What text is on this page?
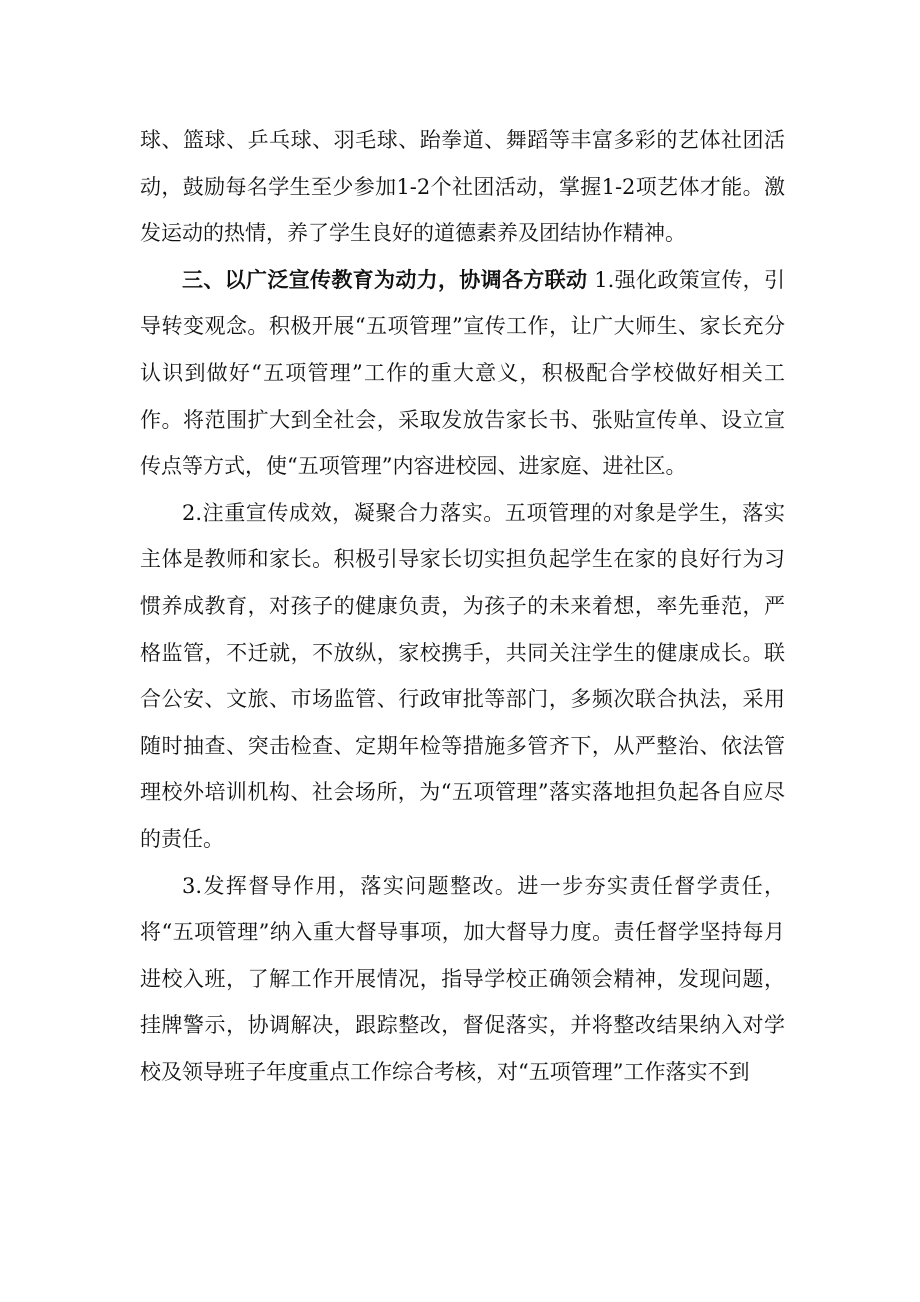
球、篮球、乒乓球、羽毛球、跆拳道、舞蹈等丰富多彩的艺体社团活动，鼓励每名学生至少参加1-2个社团活动，掌握1-2项艺体才能。激发运动的热情，养了学生良好的道德素养及团结协作精神。

三、以广泛宣传教育为动力，协调各方联动 1.强化政策宣传，引导转变观念。积极开展“五项管理”宣传工作，让广大师生、家长充分认识到做好“五项管理”工作的重大意义，积极配合学校做好相关工作。将范围扩大到全社会，采取发放告家长书、张贴宣传单、设立宣传点等方式，使“五项管理”内容进校园、进家庭、进社区。

2.注重宣传成效，凝聚合力落实。五项管理的对象是学生，落实主体是教师和家长。积极引导家长切实担负起学生在家的良好行为习惯养成教育，对孩子的健康负责，为孩子的未来着想，率先垂范，严格监管，不迁就，不放纵，家校携手，共同关注学生的健康成长。联合公安、文旅、市场监管、行政审批等部门，多频次联合执法，采用随时抽查、突击检查、定期年检等措施多管齐下，从严整治、依法管理校外培训机构、社会场所，为“五项管理”落实落地担负起各自应尽的责任。

3.发挥督导作用，落实问题整改。进一步夯实责任督学责任，将“五项管理”纳入重大督导事项，加大督导力度。责任督学坚持每月进校入班，了解工作开展情况，指导学校正确领会精神，发现问题，挂牌警示，协调解决，跟踪整改，督促落实，并将整改结果纳入对学校及领导班子年度重点工作综合考核，对“五项管理”工作落实不到
